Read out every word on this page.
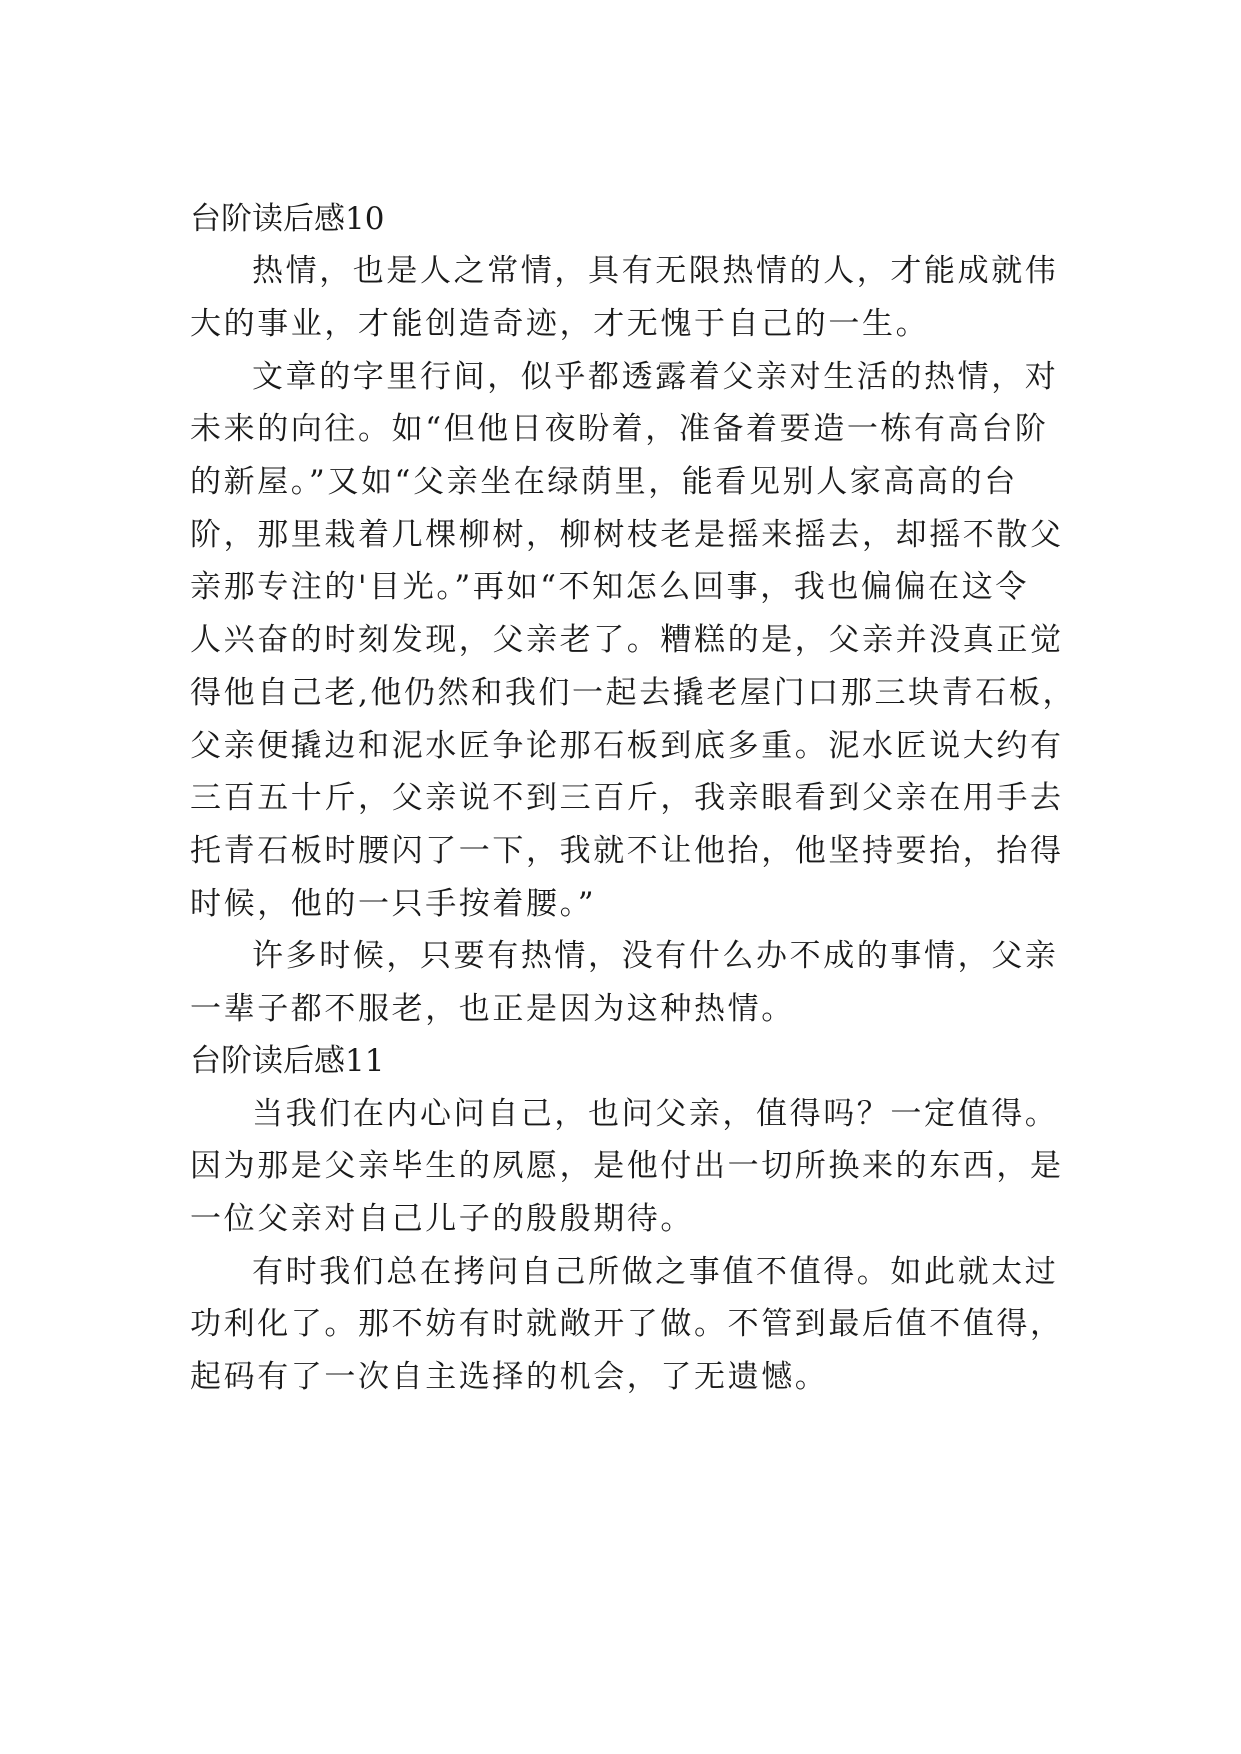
台阶读后感10
热情，也是人之常情，具有无限热情的人，才能成就伟
大的事业，才能创造奇迹，才无愧于自己的一生。
文章的字里行间，似乎都透露着父亲对生活的热情，对
未来的向往。如“但他日夜盼着，准备着要造一栋有高台阶
的新屋。”又如“父亲坐在绿荫里，能看见别人家高高的台
阶，那里栽着几棵柳树，柳树枝老是摇来摇去，却摇不散父
亲那专注的'目光。”再如“不知怎么回事，我也偏偏在这令
人兴奋的时刻发现，父亲老了。糟糕的是，父亲并没真正觉
得他自己老,他仍然和我们一起去撬老屋门口那三块青石板，
父亲便撬边和泥水匠争论那石板到底多重。泥水匠说大约有
三百五十斤，父亲说不到三百斤，我亲眼看到父亲在用手去
托青石板时腰闪了一下，我就不让他抬，他坚持要抬，抬得
时候，他的一只手按着腰。”
许多时候，只要有热情，没有什么办不成的事情，父亲
一辈子都不服老，也正是因为这种热情。
台阶读后感11
当我们在内心问自己，也问父亲，值得吗？一定值得。
因为那是父亲毕生的夙愿，是他付出一切所换来的东西，是
一位父亲对自己儿子的殷殷期待。
有时我们总在拷问自己所做之事值不值得。如此就太过
功利化了。那不妨有时就敞开了做。不管到最后值不值得，
起码有了一次自主选择的机会，了无遗憾。
